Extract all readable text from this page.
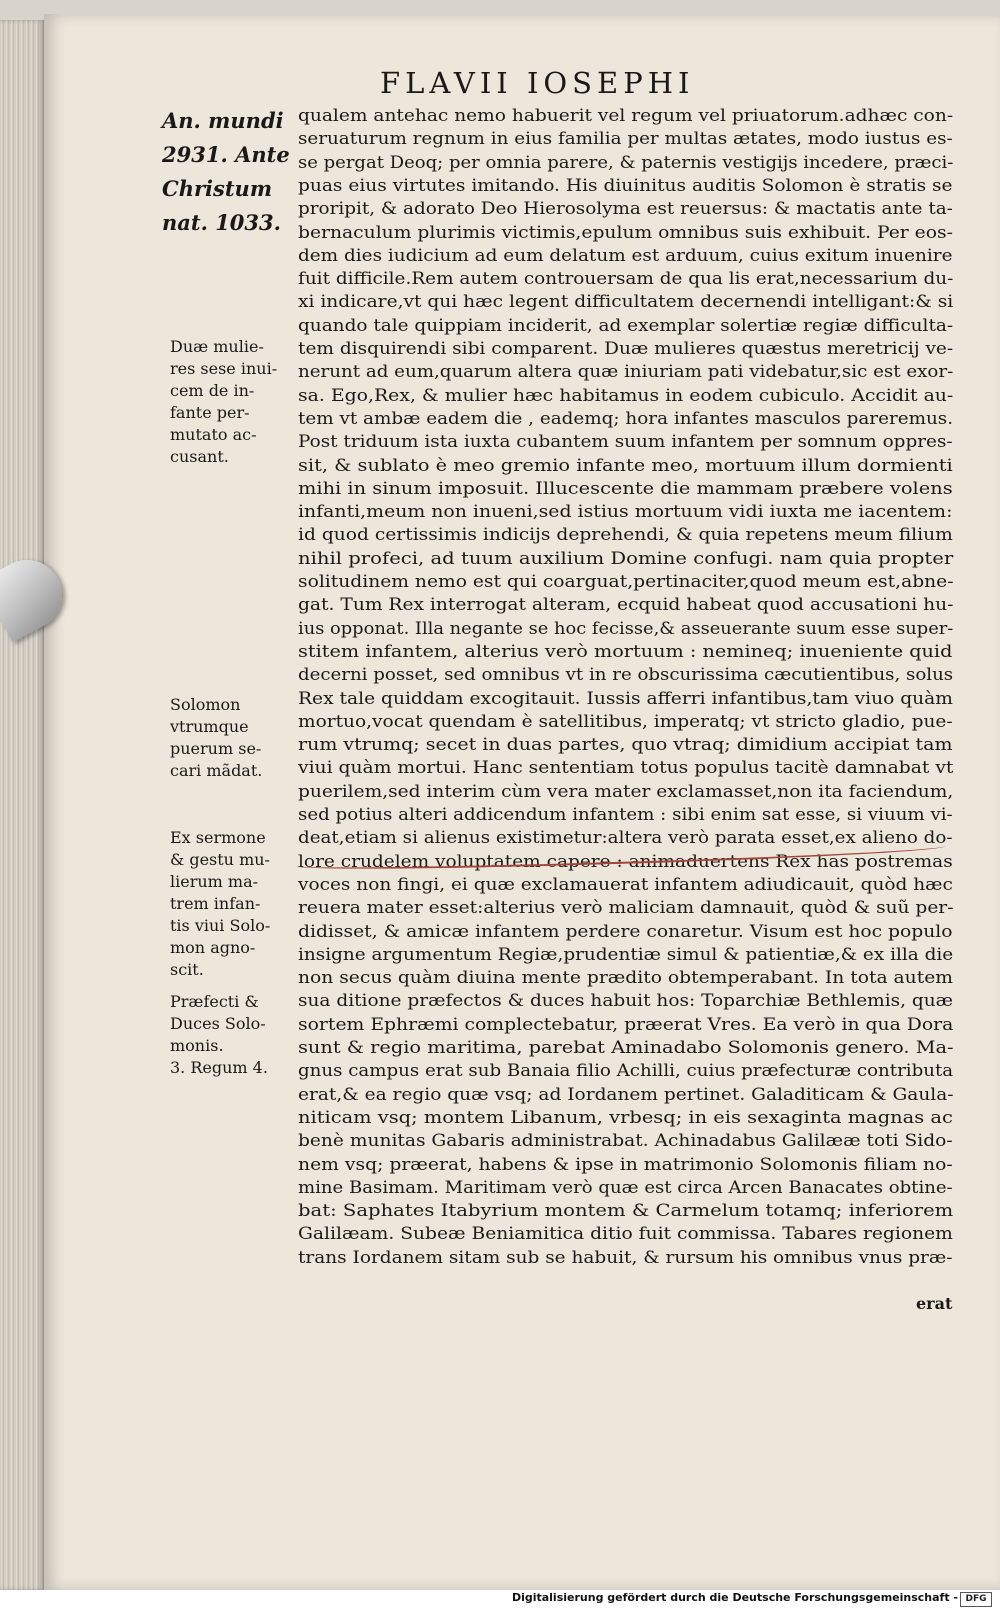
FLAVII IOSEPHI
An. mundi
2931. Ante
Christum
nat. 1033.
Duæ mulie-
res sese inui-
cem de in-
fante per-
mutato ac-
cusant.
Solomon
vtrumque
puerum se-
cari mãdat.
Ex sermone
& gestu mu-
lierum ma-
trem infan-
tis viui Solo-
mon agno-
scit.
Præfecti &
Duces Solo-
monis.
3. Regum 4.
qualem antehac nemo habuerit vel regum vel priuatorum.adhæc con-
seruaturum regnum in eius familia per multas ætates, modo iustus es-
se pergat Deoq; per omnia parere, & paternis vestigijs incedere, præci-
puas eius virtutes imitando. His diuinitus auditis Solomon è stratis se
proripit, & adorato Deo Hierosolyma est reuersus: & mactatis ante ta-
bernaculum plurimis victimis,epulum omnibus suis exhibuit. Per eos-
dem dies iudicium ad eum delatum est arduum, cuius exitum inuenire
fuit difficile.Rem autem controuersam de qua lis erat,necessarium du-
xi indicare,vt qui hæc legent difficultatem decernendi intelligant:& si
quando tale quippiam inciderit, ad exemplar solertiæ regiæ difficulta-
tem disquirendi sibi comparent. Duæ mulieres quæstus meretricij ve-
nerunt ad eum,quarum altera quæ iniuriam pati videbatur,sic est exor-
sa. Ego,Rex, & mulier hæc habitamus in eodem cubiculo. Accidit au-
tem vt ambæ eadem die , eademq; hora infantes masculos pareremus.
Post triduum ista iuxta cubantem suum infantem per somnum oppres-
sit, & sublato è meo gremio infante meo, mortuum illum dormienti
mihi in sinum imposuit. Illucescente die mammam præbere volens
infanti,meum non inueni,sed istius mortuum vidi iuxta me iacentem:
id quod certissimis indicijs deprehendi, & quia repetens meum filium
nihil profeci, ad tuum auxilium Domine confugi. nam quia propter
solitudinem nemo est qui coarguat,pertinaciter,quod meum est,abne-
gat. Tum Rex interrogat alteram, ecquid habeat quod accusationi hu-
ius opponat. Illa negante se hoc fecisse,& asseuerante suum esse super-
stitem infantem, alterius verò mortuum : nemineq; inueniente quid
decerni posset, sed omnibus vt in re obscurissima cæcutientibus, solus
Rex tale quiddam excogitauit. Iussis afferri infantibus,tam viuo quàm
mortuo,vocat quendam è satellitibus, imperatq; vt stricto gladio, pue-
rum vtrumq; secet in duas partes, quo vtraq; dimidium accipiat tam
viui quàm mortui. Hanc sententiam totus populus tacitè damnabat vt
puerilem,sed interim cùm vera mater exclamasset,non ita faciendum,
sed potius alteri addicendum infantem : sibi enim sat esse, si viuum vi-
deat,etiam si alienus existimetur:altera verò parata esset,ex alieno do-
lore crudelem voluptatem capere : animaduertens Rex has postremas
voces non fingi, ei quæ exclamauerat infantem adiudicauit, quòd hæc
reuera mater esset:alterius verò maliciam damnauit, quòd & suũ per-
didisset, & amicæ infantem perdere conaretur. Visum est hoc populo
insigne argumentum Regiæ,prudentiæ simul & patientiæ,& ex illa die
non secus quàm diuina mente prædito obtemperabant. In tota autem
sua ditione præfectos & duces habuit hos: Toparchiæ Bethlemis, quæ
sortem Ephræmi complectebatur, præerat Vres. Ea verò in qua Dora
sunt & regio maritima, parebat Aminadabo Solomonis genero. Ma-
gnus campus erat sub Banaia filio Achilli, cuius præfecturæ contributa
erat,& ea regio quæ vsq; ad Iordanem pertinet. Galaditicam & Gaula-
niticam vsq; montem Libanum, vrbesq; in eis sexaginta magnas ac
benè munitas Gabaris administrabat. Achinadabus Galilææ toti Sido-
nem vsq; præerat, habens & ipse in matrimonio Solomonis filiam no-
mine Basimam. Maritimam verò quæ est circa Arcen Banacates obtine-
bat: Saphates Itabyrium montem & Carmelum totamq; inferiorem
Galilæam. Subeæ Beniamitica ditio fuit commissa. Tabares regionem
trans Iordanem sitam sub se habuit, & rursum his omnibus vnus præ-
erat
Digitalisierung gefördert durch die Deutsche Forschungsgemeinschaft - DFG
